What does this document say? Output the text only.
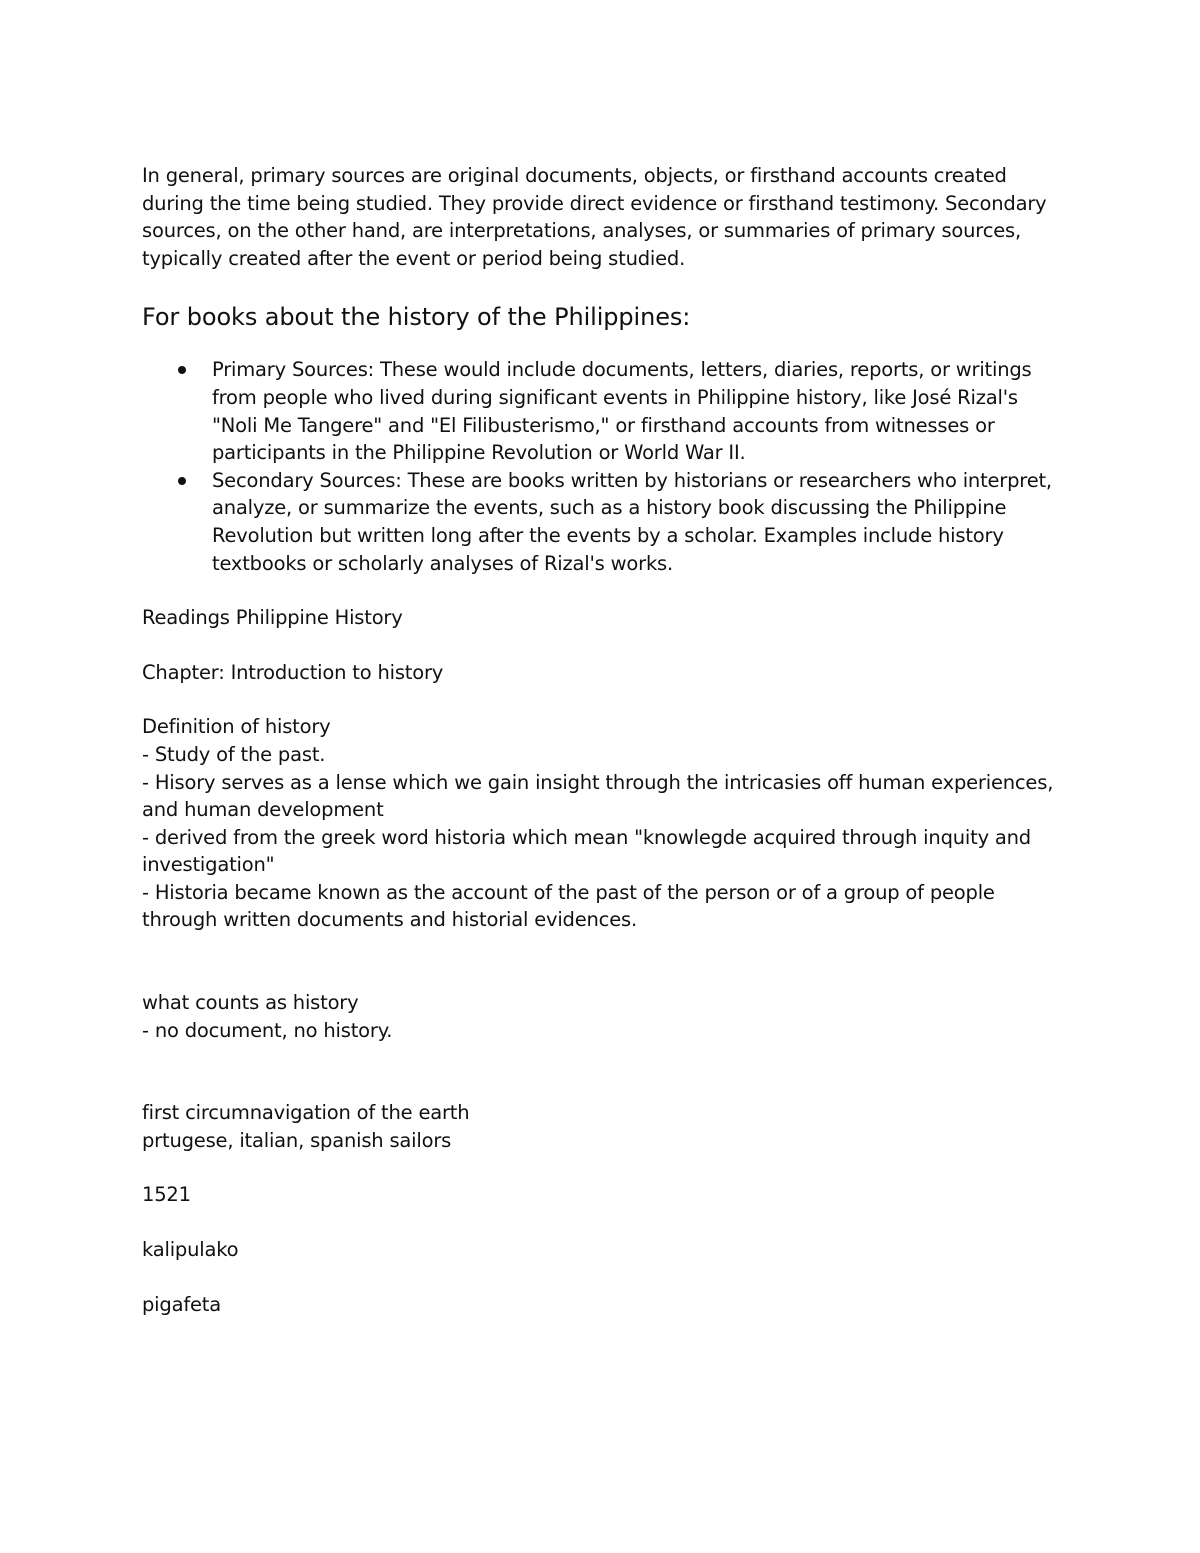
In general, primary sources are original documents, objects, or firsthand accounts created during the time being studied. They provide direct evidence or firsthand testimony. Secondary sources, on the other hand, are interpretations, analyses, or summaries of primary sources, typically created after the event or period being studied.

For books about the history of the Philippines:
Primary Sources: These would include documents, letters, diaries, reports, or writings from people who lived during significant events in Philippine history, like José Rizal's "Noli Me Tangere" and "El Filibusterismo," or firsthand accounts from witnesses or participants in the Philippine Revolution or World War II.
Secondary Sources: These are books written by historians or researchers who interpret, analyze, or summarize the events, such as a history book discussing the Philippine Revolution but written long after the events by a scholar. Examples include history textbooks or scholarly analyses of Rizal's works.

Readings Philippine History

Chapter: Introduction to history

Definition of history

- Study of the past.

- Hisory serves as a lense which we gain insight through the intricasies off human experiences, and human development

- derived from the greek word historia which mean "knowlegde acquired through inquity and investigation"

- Historia became known as the account of the past of the person or of a group of people through written documents and historial evidences.

what counts as history

- no document, no history.

first circumnavigation of the earth

prtugese, italian, spanish sailors

1521

kalipulako

pigafeta
